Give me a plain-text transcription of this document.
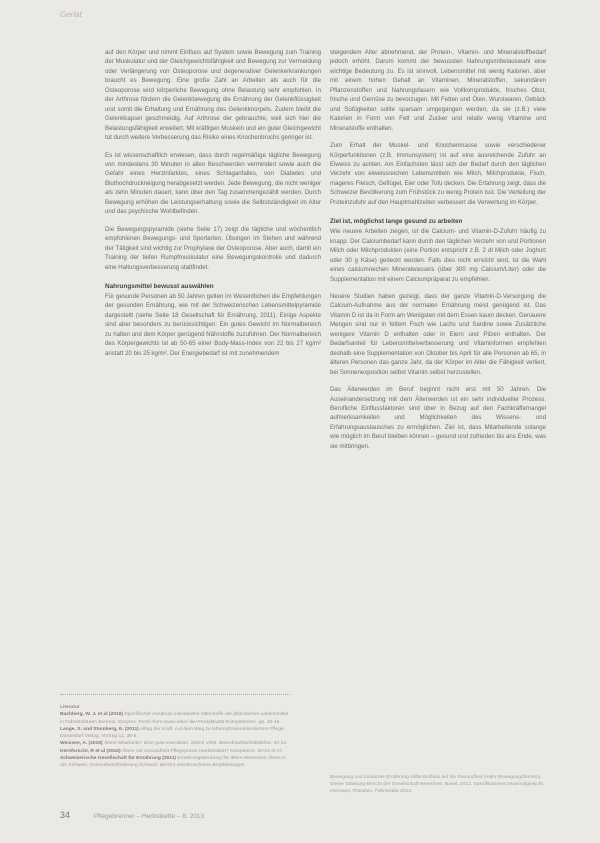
Geriat

auf den Körper und nimmt Einfluss auf System sowie Bewegung zum Training der Muskulatur und der Gleichgewichtsfähigkeit und Bewegung zur Vermeidung oder Verlängerung von Osteoporose und degenerativer Gelenkerkrankungen braucht es Bewegung. Eine große Zahl an Arbeiten als auch für die Osteoporose wird körperliche Bewegung ohne Belastung sehr empfohlen. In der Arthrose fördern die Gelenkbewegung die Ernährung der Gelenkflüssigkeit und somit die Erhaltung und Ernährung des Gelenkknorpels. Zudem bleibt die Gelenkkapsel geschmeidig. Auf Arthrose der gebrauchte, weil sich hier die Belastungsfähigkeit erweitert. Mit kräftigen Muskeln und ein guter Gleichgewicht tut durch weitere Verbesserung das Risiko eines Knochenbruchs geringer ist.

Es ist wissenschaftlich erwiesen, dass durch regelmäßige tägliche Bewegung von mindestens 30 Minuten in allen Beschwerden vermindert sowie auch die Gefahr eines Herzinfarktes, eines Schlaganfalles, von Diabetes und Bluthochdruckneigung herabgesetzt werden. Jede Bewegung, die nicht weniger als zehn Minuten dauert, kann über den Tag zusammengezählt werden. Durch Bewegung erhöhen die Leistungserhaltung sowie die Selbstständigkeit im Alter und das psychische Wohlbefinden.

Die Bewegungspyramide (siehe Seite 17) zeigt die tägliche und wöchentlich empfohlenen Bewegungs- und Sportarten. Übungen im Stehen und während der Tätigkeit sind wichtig zur Prophylaxe der Osteoporose. Aber auch, damit ein Training der tiefen Rumpfmuskulatur eine Bewegungskontrolle und dadurch eine Haltungsverbesserung stattfindet.

Nahrungsmittel bewusst auswählen

Für gesunde Personen ab 50 Jahren gelten im Wesentlichen die Empfehlungen der gesunden Ernährung, wie mit der Schweizerischen Lebensmittelpyramide dargestellt (siehe Seite 18 Gesellschaft für Ernährung, 2011). Einige Aspekte sind aber besonders zu berücksichtigen: Ein gutes Gewicht im Normalbereich zu halten und dem Körper genügend Nährstoffe zuzuführen. Der Normalbereich des Körpergewichts ist ab 50-65 einer Body-Mass-Index von 22 bis 27 kg/m² anstatt 20 bis 25 kg/m². Der Energiebedarf ist mit zunehmendem

steigendem Alter abnehmend, der Protein-, Vitamin- und Mineralstoffbedarf jedoch erhöht. Darum kommt der bewussten Nahrungsmittelauswahl eine wichtige Bedeutung zu. Es ist sinnvoll, Lebensmittel mit wenig Kalorien, aber mit einem hohen Gehalt an Vitaminen, Mineralstoffen, sekundären Pflanzenstoffen und Nahrungsfasern wie Vollkornprodukte, frisches Obst, frische und Gemüse zu bevorzugen. Mit Fetten und Ölen, Wurstwaren, Gebäck und Süßigkeiten sollte sparsam umgegangen werden, da sie (z.B.) viele Kalorien in Form von Fett und Zucker und relativ wenig Vitamine und Mineralstoffe enthalten.

Zum Erhalt der Muskel- und Knochenmasse sowie verschiedener Körperfunktionen (z.B. Immunsystem) ist auf eine ausreichende Zufuhr an Eiweiss zu achten. Am Einfachsten lässt sich der Bedarf durch den täglichen Verzehr von eiweissreichen Lebensmitteln wie Milch, Milchprodukte, Fisch, mageres Fleisch, Geflügel, Eier oder Tofu decken. Die Erfahrung zeigt, dass die Schweizer Bevölkerung zum Frühstück zu wenig Protein isst. Die Verteilung der Proteinzufuhr auf den Hauptmahlzeiten verbessert die Verwertung im Körper.

Ziel ist, möglichst lange gesund zu arbeiten

Wie neuere Arbeiten zeigen, ist die Calcium- und Vitamin-D-Zufuhr häufig zu knapp. Der Calciumbedarf kann durch den täglichen Verzehr von und Portionen Milch oder Milchprodukten (eine Portion entspricht z.B. 2 dl Milch oder Joghurt oder 30 g Käse) gedeckt werden. Falls dies nicht erreicht wird, ist die Wahl eines calciumreichen Mineralwassers (über 300 mg Calcium/Liter) oder die Supplementation mit einem Calciumpräparat zu empfehlen.

Neuere Studien haben gezeigt, dass der ganze Vitamin-D-Versorgung die Calcium-Aufnahme aus der normalen Ernährung meist genügend ist. Das Vitamin D ist da in Form am Wenigsten mit dem Essen kaum decken. Genauere Mengen sind nur in fettem Fisch wie Lachs und Sardine sowie Zusätzliche wenigere Vitamin D enthalten oder in Eiern und Pilzen enthalten. Der Bedarfsanteil für Lebensmittelverbesserung und Vitaminformen empfehlen deshalb eine Supplementation von Oktober bis April für alle Personen ab 65, in älteren Personen das ganze Jahr, da der Körper im Alter die Fähigkeit verliert, bei Sonnenexposition selbst Vitamin selbst herzustellen.

Das Älterwerden im Beruf beginnt nicht erst mit 50 Jahren. Die Auseinandersetzung mit dem Älterwerden ist ein sehr individueller Prozess. Berufliche Einflussfaktoren sind über in Bezug auf den Fachkräftemangel aufmerksamkeiten und Möglichkeiten des Wissens- und Erfahrungsaustausches zu ermöglichen. Ziel ist, dass Mitarbeitende solange wie möglich im Beruf bleiben können – gesund und zufrieden bis ans Ende, was sie mitbringen.

Literatur

Bachberg, W. J. et al (2016) Spezifischer Ausdruck individueller Nährstoffe der pflanzlichen Lebensmittel in Fahrstrukturen Brenner, Enzyme. Fresh from www.ueber-die-Produktivität Kompetenzen. pp. 40-45.

Lange, S. und Stumberg, E. (2011) Alltag der Kraft: Auf dem Weg zu lebensphasenorientiertem Pflege. Düsseldorf Verlag. Vortrag 12, 38-5.

Weissen, A. (2015) Ältere Mitarbeiter: Eine gute Investition. Zürich VSM. Betriebswirtschaftslehre, 20-21.

Kernforscht, R et al (2016) Ältere mit Gesundheit Pflegepraxis Handelsblatt? Kompetenz, 20-24 et 47.

Schweizerische Gesellschaft für Ernährung (2011) Ernährungsberatung für ältere Menschen Ältere in der Schweiz. Gesundheitsförderung Schweiz. Bericht und Broschüren-Empfehlungen.

Bewegung und moderate Ernährung sollte Einfluss auf die Gesundheit (mehr Bewegungsformen). Dieser Stärkung-Bericht der Gesellschaft-Bereichen, Basel, 2012. Spezifikationen Maximalgewicht, Hermann, Potsdam. Fahrstraße 2013.
34	Pflegebrenner – Herbstkette – 8. 2013
